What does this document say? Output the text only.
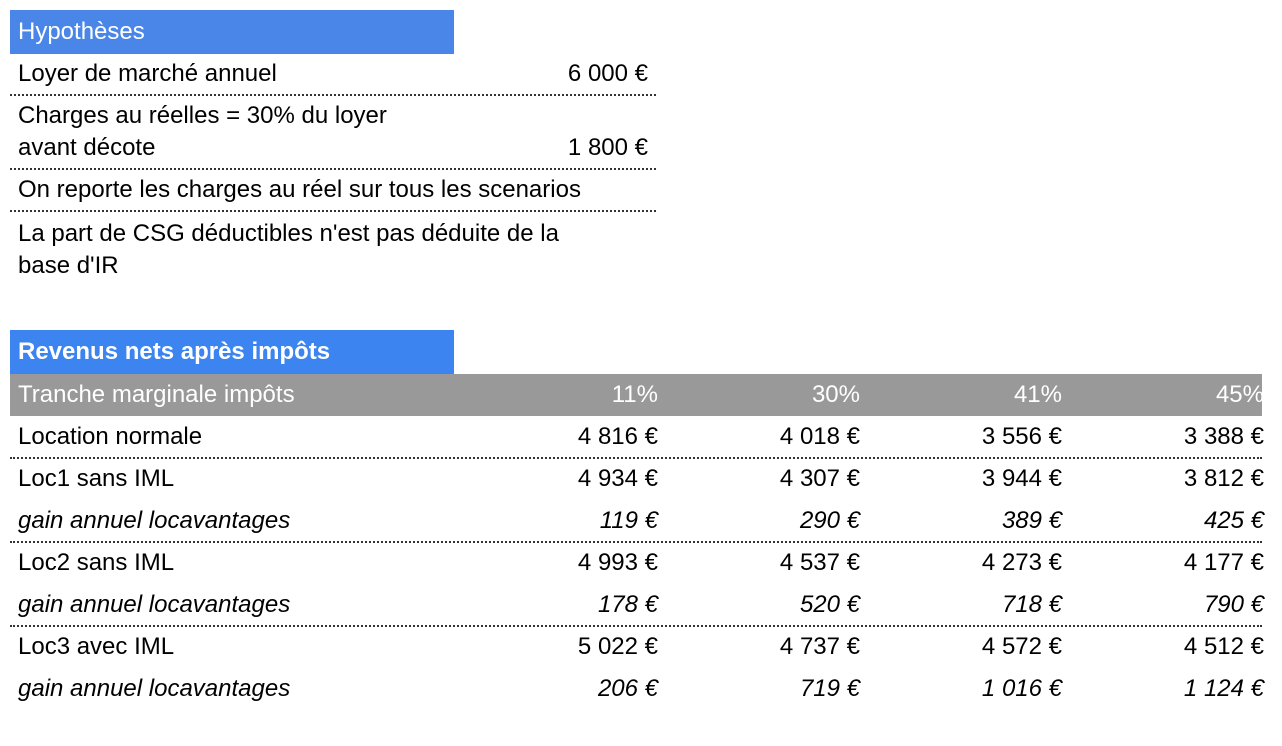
Hypothèses
Loyer de marché annuel	6 000 €
Charges au réelles = 30% du loyer
avant décote	1 800 €
On reporte les charges au réel sur tous les scenarios
La part de CSG déductibles n'est pas déduite de la
base d'IR
Revenus nets après impôts
Tranche marginale impôts	11%	30%	41%	45%
Location normale	4 816 €	4 018 €	3 556 €	3 388 €
Loc1 sans IML	4 934 €	4 307 €	3 944 €	3 812 €
gain annuel locavantages	119 €	290 €	389 €	425 €
Loc2 sans IML	4 993 €	4 537 €	4 273 €	4 177 €
gain annuel locavantages	178 €	520 €	718 €	790 €
Loc3 avec IML	5 022 €	4 737 €	4 572 €	4 512 €
gain annuel locavantages	206 €	719 €	1 016 €	1 124 €
